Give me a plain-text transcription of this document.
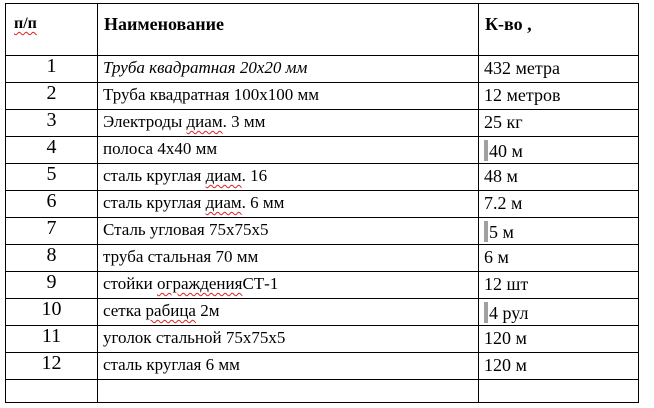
п/п	Наименование	К-во ,
1	Труба квадратная 20х20 мм	432 метра
2	Труба квадратная 100х100 мм	12 метров
3	Электроды диам. 3 мм	25 кг
4	полоса 4х40 мм	40 м
5	сталь круглая диам. 16	48 м
6	сталь круглая диам. 6 мм	7.2 м
7	Сталь угловая 75х75х5	5 м
8	труба стальная 70 мм	6 м
9	стойки огражденияСТ-1	12 шт
10	сетка рабица 2м	4 рул
11	уголок стальной 75х75х5	120 м
12	сталь круглая 6 мм	120 м
